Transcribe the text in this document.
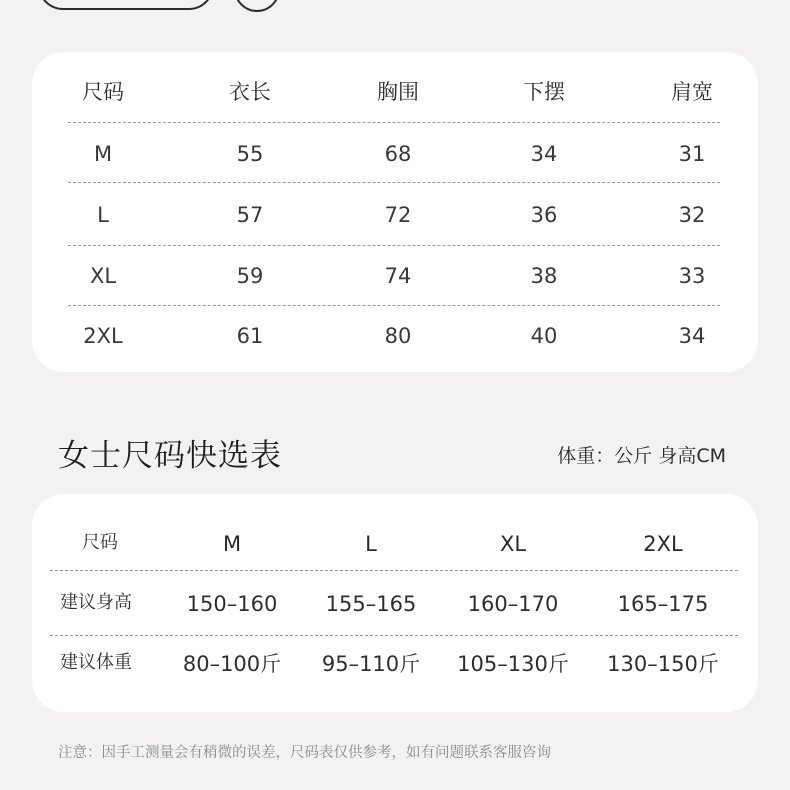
尺码	衣长	胸围	下摆	肩宽
M	55	68	34	31
L	57	72	36	32
XL	59	74	38	33
2XL	61	80	40	34
女士尺码快选表	体重：公斤 身高CM
尺码	M	L	XL	2XL
建议身高	150–160 155–165 160–170	165–175
建议体重 80–100斤 95–110斤 105–130斤 130–150斤
注意：因手工测量会有稍微的误差，尺码表仅供参考，如有问题联系客服咨询
